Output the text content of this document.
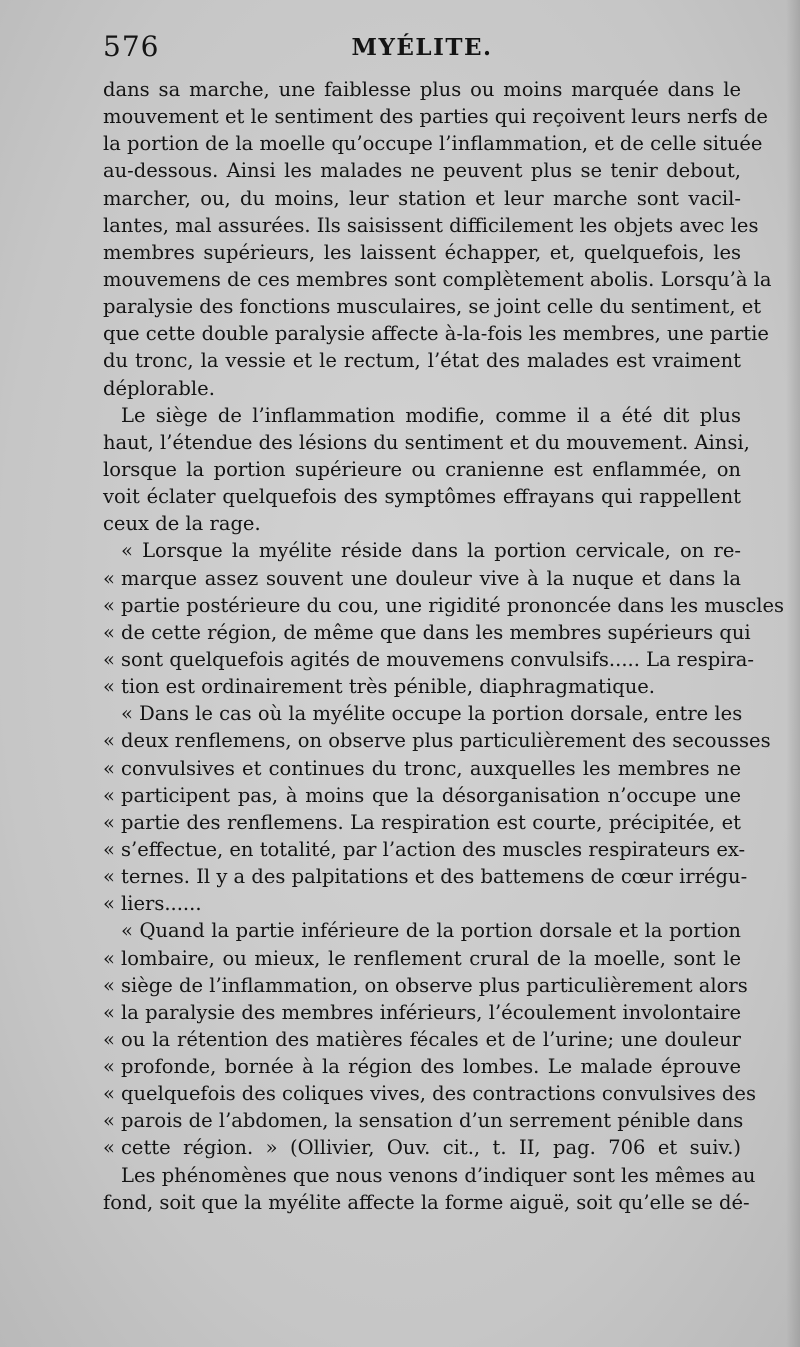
576	MYÉLITE.
dans sa marche, une faiblesse plus ou moins marquée dans le
mouvement et le sentiment des parties qui reçoivent leurs nerfs de
la portion de la moelle qu’occupe l’inflammation, et de celle située
au-dessous. Ainsi les malades ne peuvent plus se tenir debout,
marcher, ou, du moins, leur station et leur marche sont vacil-
lantes, mal assurées. Ils saisissent difficilement les objets avec les
membres supérieurs, les laissent échapper, et, quelquefois, les
mouvemens de ces membres sont complètement abolis. Lorsqu’à la
paralysie des fonctions musculaires, se joint celle du sentiment, et
que cette double paralysie affecte à-la-fois les membres, une partie
du tronc, la vessie et le rectum, l’état des malades est vraiment
déplorable.
Le siège de l’inflammation modifie, comme il a été dit plus
haut, l’étendue des lésions du sentiment et du mouvement. Ainsi,
lorsque la portion supérieure ou cranienne est enflammée, on
voit éclater quelquefois des symptômes effrayans qui rappellent
ceux de la rage.
« Lorsque la myélite réside dans la portion cervicale, on re-
« marque assez souvent une douleur vive à la nuque et dans la
« partie postérieure du cou, une rigidité prononcée dans les muscles
« de cette région, de même que dans les membres supérieurs qui
« sont quelquefois agités de mouvemens convulsifs..... La respira-
« tion est ordinairement très pénible, diaphragmatique.
« Dans le cas où la myélite occupe la portion dorsale, entre les
« deux renflemens, on observe plus particulièrement des secousses
« convulsives et continues du tronc, auxquelles les membres ne
« participent pas, à moins que la désorganisation n’occupe une
« partie des renflemens. La respiration est courte, précipitée, et
« s’effectue, en totalité, par l’action des muscles respirateurs ex-
« ternes. Il y a des palpitations et des battemens de cœur irrégu-
« liers......
« Quand la partie inférieure de la portion dorsale et la portion
« lombaire, ou mieux, le renflement crural de la moelle, sont le
« siège de l’inflammation, on observe plus particulièrement alors
« la paralysie des membres inférieurs, l’écoulement involontaire
« ou la rétention des matières fécales et de l’urine; une douleur
« profonde, bornée à la région des lombes. Le malade éprouve
« quelquefois des coliques vives, des contractions convulsives des
« parois de l’abdomen, la sensation d’un serrement pénible dans
« cette région. » (Ollivier, Ouv. cit., t. II, pag. 706 et suiv.)
Les phénomènes que nous venons d’indiquer sont les mêmes au
fond, soit que la myélite affecte la forme aiguë, soit qu’elle se dé-
